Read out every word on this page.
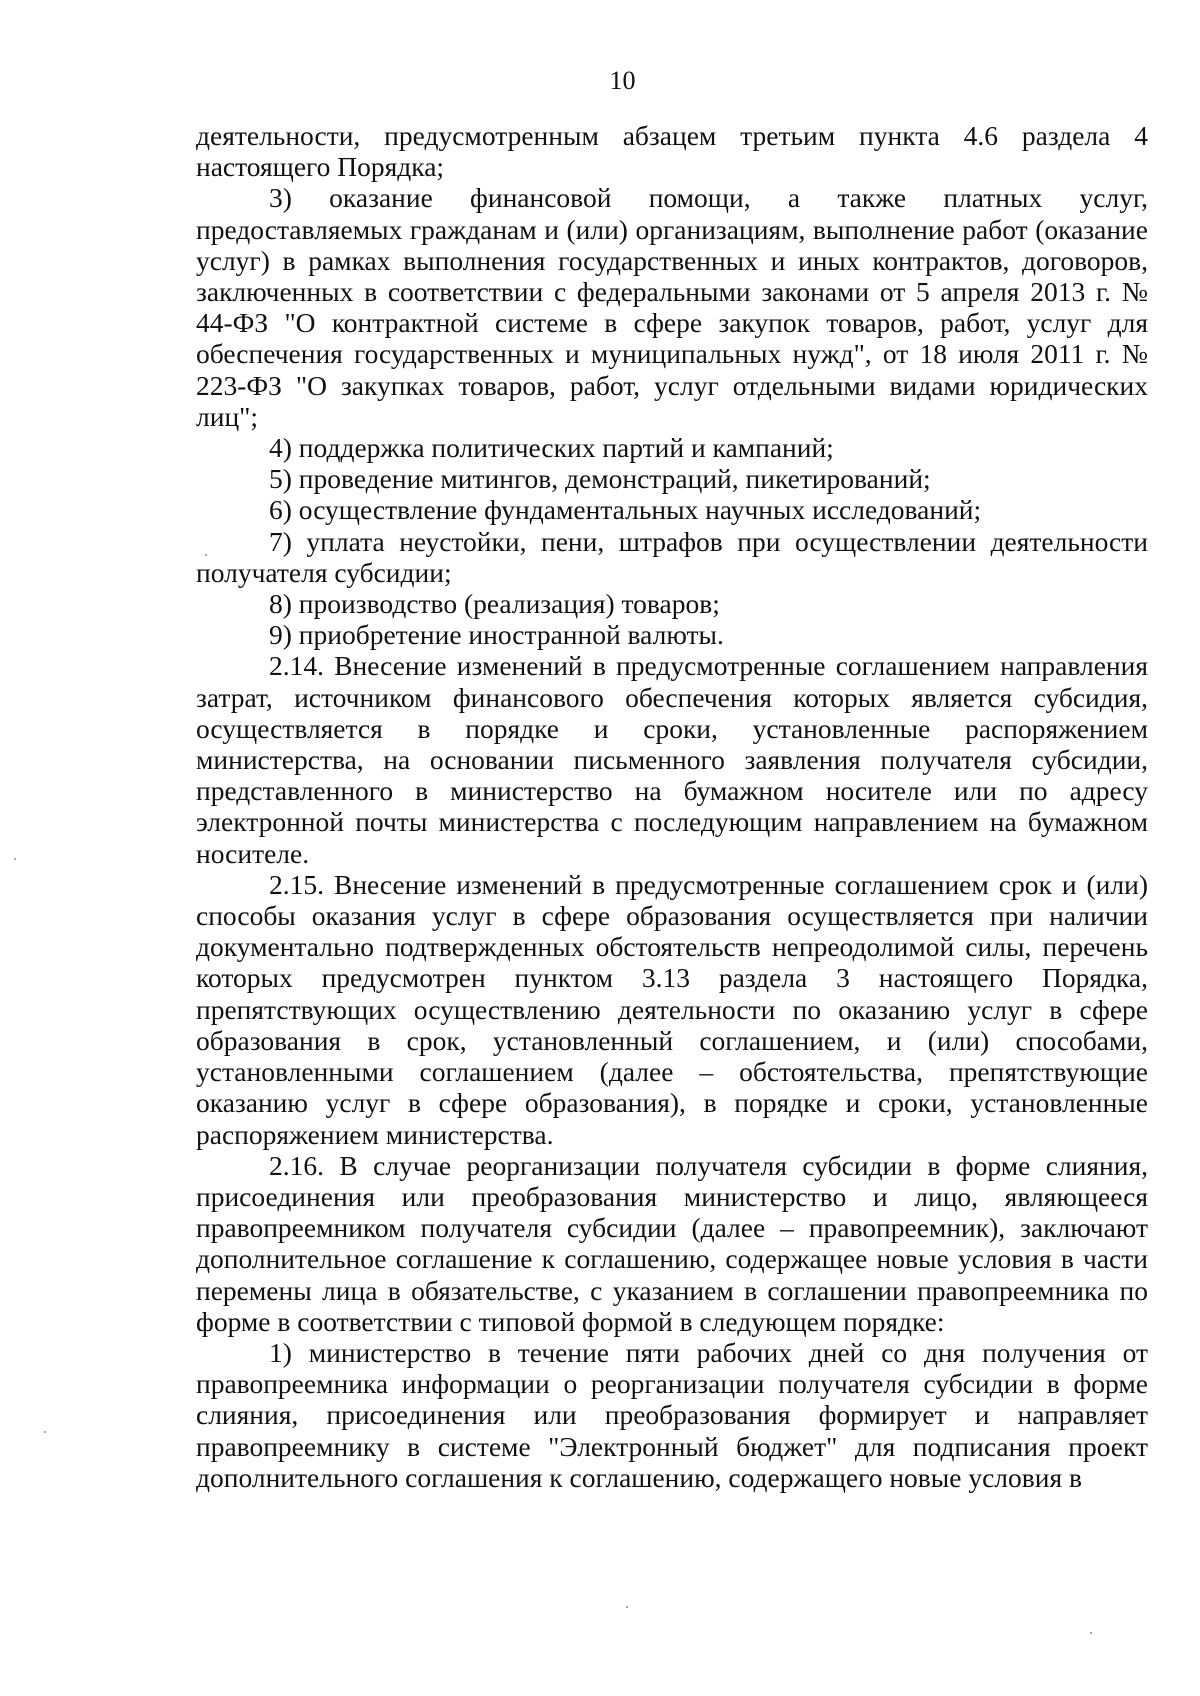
10

деятельности, предусмотренным абзацем третьим пункта 4.6 раздела 4 настоящего Порядка;

3) оказание финансовой помощи, а также платных услуг, предоставляемых гражданам и (или) организациям, выполнение работ (оказание услуг) в рамках выполнения государственных и иных контрактов, договоров, заключенных в соответствии с федеральными законами от 5 апреля 2013 г. № 44-ФЗ "О контрактной системе в сфере закупок товаров, работ, услуг для обеспечения государственных и муниципальных нужд", от 18 июля 2011 г. № 223-ФЗ "О закупках товаров, работ, услуг отдельными видами юридических лиц";

4) поддержка политических партий и кампаний;

5) проведение митингов, демонстраций, пикетирований;

6) осуществление фундаментальных научных исследований;

7) уплата неустойки, пени, штрафов при осуществлении деятельности получателя субсидии;

8) производство (реализация) товаров;

9) приобретение иностранной валюты.

2.14. Внесение изменений в предусмотренные соглашением направления затрат, источником финансового обеспечения которых является субсидия, осуществляется в порядке и сроки, установленные распоряжением министерства, на основании письменного заявления получателя субсидии, представленного в министерство на бумажном носителе или по адресу электронной почты министерства с последующим направлением на бумажном носителе.

2.15. Внесение изменений в предусмотренные соглашением срок и (или) способы оказания услуг в сфере образования осуществляется при наличии документально подтвержденных обстоятельств непреодолимой силы, перечень которых предусмотрен пунктом 3.13 раздела 3 настоящего Порядка, препятствующих осуществлению деятельности по оказанию услуг в сфере образования в срок, установленный соглашением, и (или) способами, установленными соглашением (далее – обстоятельства, препятствующие оказанию услуг в сфере образования), в порядке и сроки, установленные распоряжением министерства.

2.16. В случае реорганизации получателя субсидии в форме слияния, присоединения или преобразования министерство и лицо, являющееся правопреемником получателя субсидии (далее – правопреемник), заключают дополнительное соглашение к соглашению, содержащее новые условия в части перемены лица в обязательстве, с указанием в соглашении правопреемника по форме в соответствии с типовой формой в следующем порядке:

1) министерство в течение пяти рабочих дней со дня получения от правопреемника информации о реорганизации получателя субсидии в форме слияния, присоединения или преобразования формирует и направляет правопреемнику в системе "Электронный бюджет" для подписания проект дополнительного соглашения к соглашению, содержащего новые условия в
